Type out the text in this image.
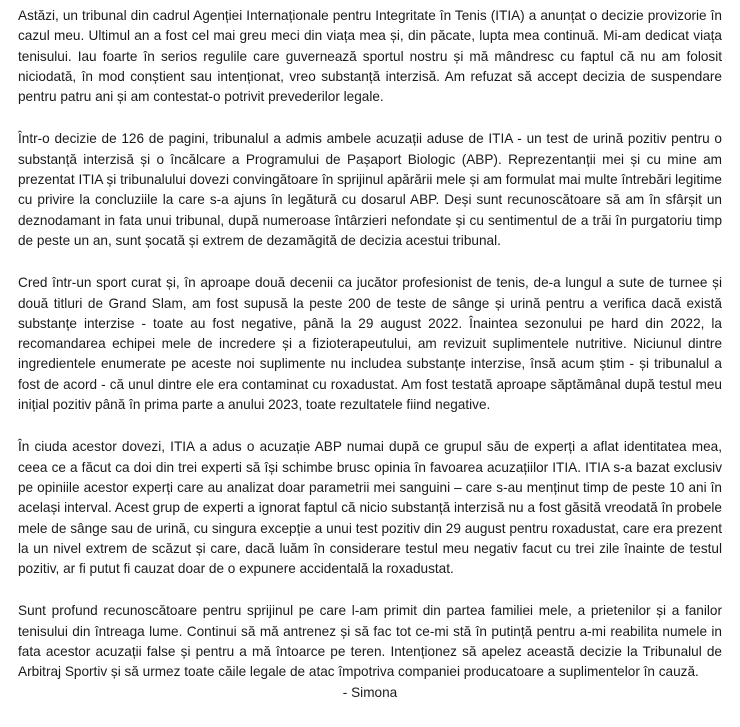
Astăzi, un tribunal din cadrul Agenției Internaționale pentru Integritate în Tenis (ITIA) a anunțat o decizie provizorie în cazul meu. Ultimul an a fost cel mai greu meci din viața mea și, din păcate, lupta mea continuă. Mi-am dedicat viața tenisului. Iau foarte în serios regulile care guvernează sportul nostru și mă mândresc cu faptul că nu am folosit niciodată, în mod conștient sau intenționat, vreo substanță interzisă. Am refuzat să accept decizia de suspendare pentru patru ani și am contestat-o potrivit prevederilor legale.

Într-o decizie de 126 de pagini, tribunalul a admis ambele acuzații aduse de ITIA - un test de urină pozitiv pentru o substanță interzisă și o încălcare a Programului de Pașaport Biologic (ABP). Reprezentanții mei și cu mine am prezentat ITIA și tribunalului dovezi convingătoare în sprijinul apărării mele și am formulat mai multe întrebări legitime cu privire la concluziile la care s-a ajuns în legătură cu dosarul ABP. Deși sunt recunoscătoare să am în sfârșit un deznodamant in fata unui tribunal, după numeroase întârzieri nefondate și cu sentimentul de a trăi în purgatoriu timp de peste un an, sunt șocată și extrem de dezamăgită de decizia acestui tribunal.

Cred într-un sport curat și, în aproape două decenii ca jucător profesionist de tenis, de-a lungul a sute de turnee și două titluri de Grand Slam, am fost supusă la peste 200 de teste de sânge și urină pentru a verifica dacă există substanțe interzise - toate au fost negative, până la 29 august 2022. Înaintea sezonului pe hard din 2022, la recomandarea echipei mele de incredere și a fizioterapeutului, am revizuit suplimentele nutritive. Niciunul dintre ingredientele enumerate pe aceste noi suplimente nu includea substanțe interzise, însă acum știm - și tribunalul a fost de acord - că unul dintre ele era contaminat cu roxadustat. Am fost testată aproape săptămânal după testul meu inițial pozitiv până în prima parte a anului 2023, toate rezultatele fiind negative.

În ciuda acestor dovezi, ITIA a adus o acuzație ABP numai după ce grupul său de experți a aflat identitatea mea, ceea ce a făcut ca doi din trei experti să își schimbe brusc opinia în favoarea acuzațiilor ITIA. ITIA s-a bazat exclusiv pe opiniile acestor experți care au analizat doar parametrii mei sanguini – care s-au menținut timp de peste 10 ani în același interval. Acest grup de experti a ignorat faptul că nicio substanță interzisă nu a fost găsită vreodată în probele mele de sânge sau de urină, cu singura excepție a unui test pozitiv din 29 august pentru roxadustat, care era prezent la un nivel extrem de scăzut și care, dacă luăm în considerare testul meu negativ facut cu trei zile înainte de testul pozitiv, ar fi putut fi cauzat doar de o expunere accidentală la roxadustat.

Sunt profund recunoscătoare pentru sprijinul pe care l-am primit din partea familiei mele, a prietenilor și a fanilor tenisului din întreaga lume. Continui să mă antrenez și să fac tot ce-mi stă în putință pentru a-mi reabilita numele in fata acestor acuzații false și pentru a mă întoarce pe teren. Intenționez să apelez această decizie la Tribunalul de Arbitraj Sportiv și să urmez toate căile legale de atac împotriva companiei producatoare a suplimentelor în cauză.

- Simona
